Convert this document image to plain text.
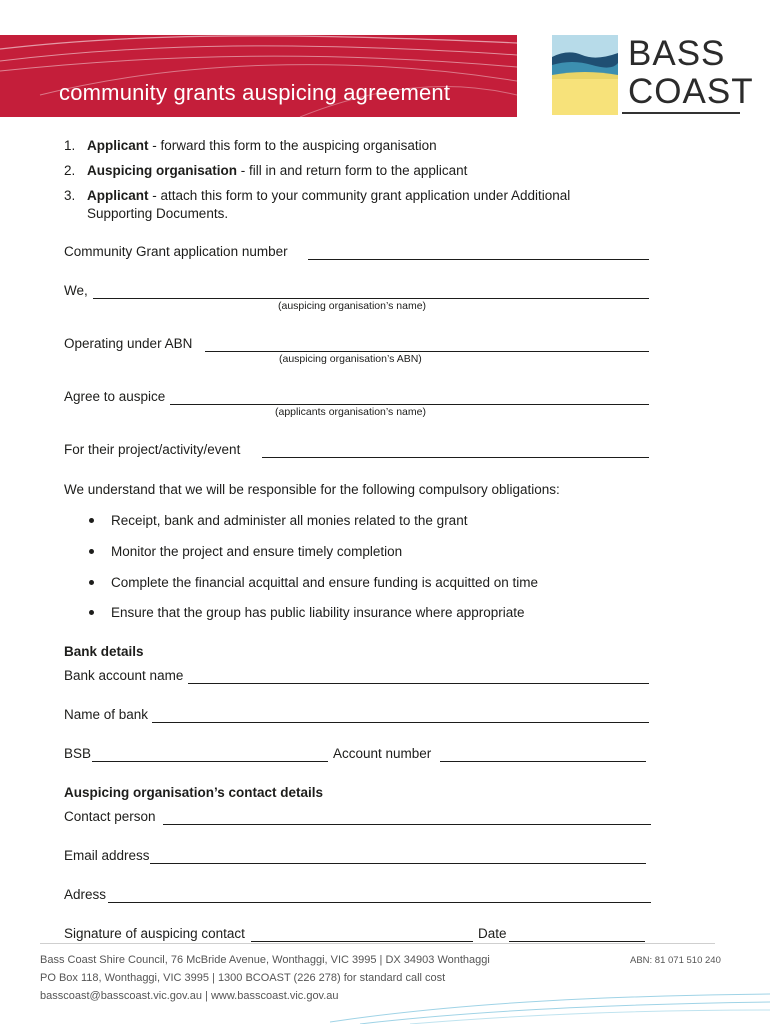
community grants auspicing agreement
BASS
COAST
1. Applicant - forward this form to the auspicing organisation
2. Auspicing organisation - fill in and return form to the applicant
3. Applicant - attach this form to your community grant application under Additional
Supporting Documents.
Community Grant application number
We,
(auspicing organisation’s name)
Operating under ABN
(auspicing organisation’s ABN)
Agree to auspice
(applicants organisation’s name)
For their project/activity/event
We understand that we will be responsible for the following compulsory obligations:
Receipt, bank and administer all monies related to the grant
Monitor the project and ensure timely completion
Complete the financial acquittal and ensure funding is acquitted on time
Ensure that the group has public liability insurance where appropriate
Bank details
Bank account name
Name of bank
BSB	Account number
Auspicing organisation’s contact details
Contact person
Email address
Adress
Signature of auspicing contact	Date
Bass Coast Shire Council, 76 McBride Avenue, Wonthaggi, VIC 3995 | DX 34903 Wonthaggi
PO Box 118, Wonthaggi, VIC 3995 | 1300 BCOAST (226 278) for standard call cost
basscoast@basscoast.vic.gov.au | www.basscoast.vic.gov.au
ABN: 81 071 510 240
